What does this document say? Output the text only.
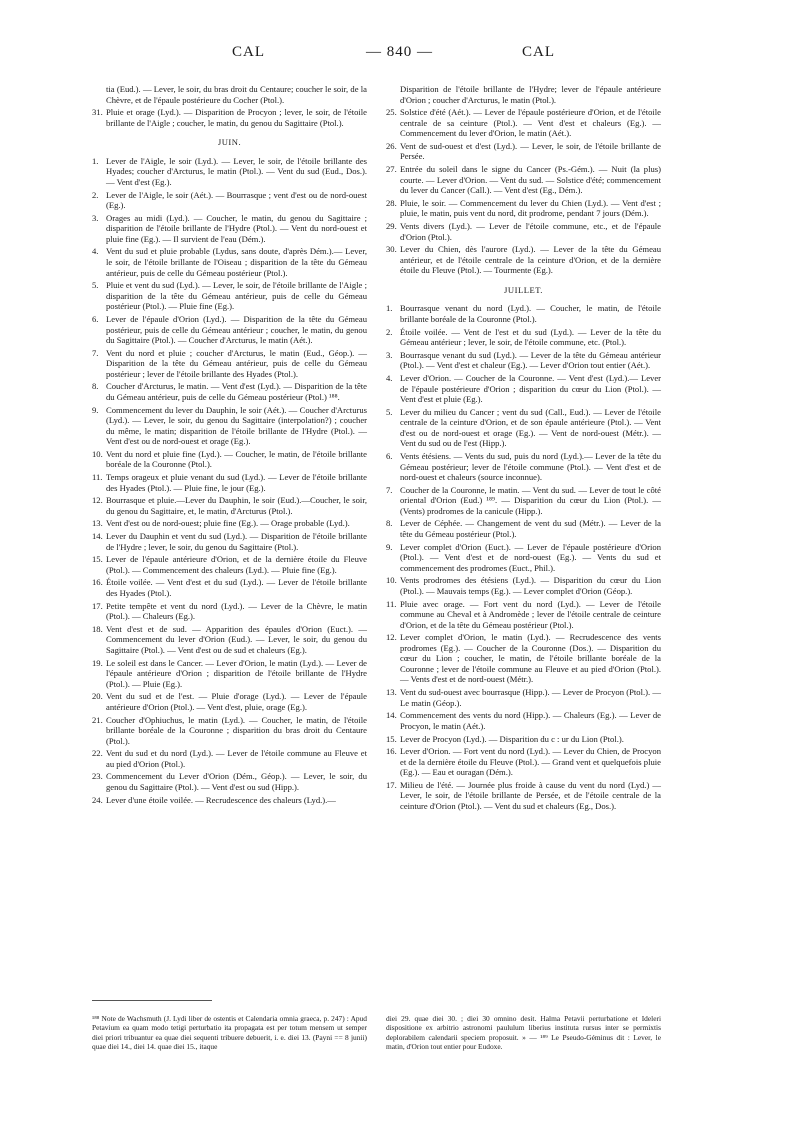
CAL	— 840 —	CAL

tia (Eud.). — Lever, le soir, du bras droit du Centaure; coucher le soir, de la Chèvre, et de l'épaule postérieure du Cocher (Ptol.).

31. Pluie et orage (Lyd.). — Disparition de Procyon ; lever, le soir, de l'étoile brillante de l'Aigle ; coucher, le matin, du genou du Sagittaire (Ptol.).

JUIN.

1. Lever de l'Aigle, le soir (Lyd.). — Lever, le soir, de l'étoile brillante des Hyades; coucher d'Arcturus, le matin (Ptol.). — Vent du sud (Eud., Dos.). — Vent d'est (Eg.).

2. Lever de l'Aigle, le soir (Aét.). — Bourrasque ; vent d'est ou de nord-ouest (Eg.).

3. Orages au midi (Lyd.). — Coucher, le matin, du genou du Sagittaire ; disparition de l'étoile brillante de l'Hydre (Ptol.). — Vent du nord-ouest et pluie fine (Eg.). — Il survient de l'eau (Dém.).

4. Vent du sud et pluie probable (Lydus, sans doute, d'après Dém.).— Lever, le soir, de l'étoile brillante de l'Oiseau ; disparition de la tête du Gémeau antérieur, puis de celle du Gémeau postérieur (Ptol.).

5. Pluie et vent du sud (Lyd.). — Lever, le soir, de l'étoile brillante de l'Aigle ; disparition de la tête du Gémeau antérieur, puis de celle du Gémeau postérieur (Ptol.). — Pluie fine (Eg.).

6. Lever de l'épaule d'Orion (Lyd.). — Disparition de la tête du Gémeau postérieur, puis de celle du Gémeau antérieur ; coucher, le matin, du genou du Sagittaire (Ptol.). — Coucher d'Arcturus, le matin (Aét.).

7. Vent du nord et pluie ; coucher d'Arcturus, le matin (Eud., Géop.). — Disparition de la tête du Gémeau antérieur, puis de celle du Gémeau postérieur ; lever de l'étoile brillante des Hyades (Ptol.).

8. Coucher d'Arcturus, le matin. — Vent d'est (Lyd.). — Disparition de la tête du Gémeau antérieur, puis de celle du Gémeau postérieur (Ptol.) ¹⁸⁸.

9. Commencement du lever du Dauphin, le soir (Aét.). — Coucher d'Arcturus (Lyd.). — Lever, le soir, du genou du Sagittaire (interpolation?) ; coucher du même, le matin; disparition de l'étoile brillante de l'Hydre (Ptol.). — Vent d'est ou de nord-ouest et orage (Eg.).

10. Vent du nord et pluie fine (Lyd.). — Coucher, le matin, de l'étoile brillante boréale de la Couronne (Ptol.).

11. Temps orageux et pluie venant du sud (Lyd.). — Lever de l'étoile brillante des Hyades (Ptol.). — Pluie fine, le jour (Eg.).

12. Bourrasque et pluie.—Lever du Dauphin, le soir (Eud.).—Coucher, le soir, du genou du Sagittaire, et, le matin, d'Arcturus (Ptol.).

13. Vent d'est ou de nord-ouest; pluie fine (Eg.). — Orage probable (Lyd.).

14. Lever du Dauphin et vent du sud (Lyd.). — Disparition de l'étoile brillante de l'Hydre ; lever, le soir, du genou du Sagittaire (Ptol.).

15. Lever de l'épaule antérieure d'Orion, et de la dernière étoile du Fleuve (Ptol.). — Commencement des chaleurs (Lyd.). — Pluie fine (Eg.).

16. Étoile voilée. — Vent d'est et du sud (Lyd.). — Lever de l'étoile brillante des Hyades (Ptol.).

17. Petite tempête et vent du nord (Lyd.). — Lever de la Chèvre, le matin (Ptol.). — Chaleurs (Eg.).

18. Vent d'est et de sud. — Apparition des épaules d'Orion (Euct.). — Commencement du lever d'Orion (Eud.). — Lever, le soir, du genou du Sagittaire (Ptol.). — Vent d'est ou de sud et chaleurs (Eg.).

19. Le soleil est dans le Cancer. — Lever d'Orion, le matin (Lyd.). — Lever de l'épaule antérieure d'Orion ; disparition de l'étoile brillante de l'Hydre (Ptol.). — Pluie (Eg.).

20. Vent du sud et de l'est. — Pluie d'orage (Lyd.). — Lever de l'épaule antérieure d'Orion (Ptol.). — Vent d'est, pluie, orage (Eg.).

21. Coucher d'Ophiuchus, le matin (Lyd.). — Coucher, le matin, de l'étoile brillante boréale de la Couronne ; disparition du bras droit du Centaure (Ptol.).

22. Vent du sud et du nord (Lyd.). — Lever de l'étoile commune au Fleuve et au pied d'Orion (Ptol.).

23. Commencement du Lever d'Orion (Dém., Géop.). — Lever, le soir, du genou du Sagittaire (Ptol.). — Vent d'est ou sud (Hipp.).

24. Lever d'une étoile voilée. — Recrudescence des chaleurs (Lyd.).—

Disparition de l'étoile brillante de l'Hydre; lever de l'épaule antérieure d'Orion ; coucher d'Arcturus, le matin (Ptol.).

25. Solstice d'été (Aét.). — Lever de l'épaule postérieure d'Orion, et de l'étoile centrale de sa ceinture (Ptol.). — Vent d'est et chaleurs (Eg.). — Commencement du lever d'Orion, le matin (Aét.).

26. Vent de sud-ouest et d'est (Lyd.). — Lever, le soir, de l'étoile brillante de Persée.

27. Entrée du soleil dans le signe du Cancer (Ps.-Gém.). — Nuit (la plus) courte. — Lever d'Orion. — Vent du sud. — Solstice d'été; commencement du lever du Cancer (Call.). — Vent d'est (Eg., Dém.).

28. Pluie, le soir. — Commencement du lever du Chien (Lyd.). — Vent d'est ; pluie, le matin, puis vent du nord, dit prodrome, pendant 7 jours (Dém.).

29. Vents divers (Lyd.). — Lever de l'étoile commune, etc., et de l'épaule d'Orion (Ptol.).

30. Lever du Chien, dès l'aurore (Lyd.). — Lever de la tête du Gémeau antérieur, et de l'étoile centrale de la ceinture d'Orion, et de la dernière étoile du Fleuve (Ptol.). — Tourmente (Eg.).

JUILLET.

1. Bourrasque venant du nord (Lyd.). — Coucher, le matin, de l'étoile brillante boréale de la Couronne (Ptol.).

2. Étoile voilée. — Vent de l'est et du sud (Lyd.). — Lever de la tête du Gémeau antérieur ; lever, le soir, de l'étoile commune, etc. (Ptol.).

3. Bourrasque venant du sud (Lyd.). — Lever de la tête du Gémeau antérieur (Ptol.). — Vent d'est et chaleur (Eg.). — Lever d'Orion tout entier (Aét.).

4. Lever d'Orion. — Coucher de la Couronne. — Vent d'est (Lyd.).— Lever de l'épaule postérieure d'Orion ; disparition du cœur du Lion (Ptol.). — Vent d'est et pluie (Eg.).

5. Lever du milieu du Cancer ; vent du sud (Call., Eud.). — Lever de l'étoile centrale de la ceinture d'Orion, et de son épaule antérieure (Ptol.). — Vent d'est ou de nord-ouest et orage (Eg.). — Vent de nord-ouest (Métr.). — Vent du sud ou de l'est (Hipp.).

6. Vents étésiens. — Vents du sud, puis du nord (Lyd.).— Lever de la tête du Gémeau postérieur; lever de l'étoile commune (Ptol.). — Vent d'est et de nord-ouest et chaleurs (source inconnue).

7. Coucher de la Couronne, le matin. — Vent du sud. — Lever de tout le côté oriental d'Orion (Eud.) ¹⁸⁹. — Disparition du cœur du Lion (Ptol.). — (Vents) prodromes de la canicule (Hipp.).

8. Lever de Céphée. — Changement de vent du sud (Métr.). — Lever de la tête du Gémeau postérieur (Ptol.).

9. Lever complet d'Orion (Euct.). — Lever de l'épaule postérieure d'Orion (Ptol.). — Vent d'est et de nord-ouest (Eg.). — Vents du sud et commencement des prodromes (Euct., Phil.).

10. Vents prodromes des étésiens (Lyd.). — Disparition du cœur du Lion (Ptol.). — Mauvais temps (Eg.). — Lever complet d'Orion (Géop.).

11. Pluie avec orage. — Fort vent du nord (Lyd.). — Lever de l'étoile commune au Cheval et à Andromède ; lever de l'étoile centrale de ceinture d'Orion, et de la tête du Gémeau postérieur (Ptol.).

12. Lever complet d'Orion, le matin (Lyd.). — Recrudescence des vents prodromes (Eg.). — Coucher de la Couronne (Dos.). — Disparition du cœur du Lion ; coucher, le matin, de l'étoile brillante boréale de la Couronne ; lever de l'étoile commune au Fleuve et au pied d'Orion (Ptol.). — Vents d'est et de nord-ouest (Métr.).

13. Vent du sud-ouest avec bourrasque (Hipp.). — Lever de Procyon (Ptol.). — Le matin (Géop.).

14. Commencement des vents du nord (Hipp.). — Chaleurs (Eg.). — Lever de Procyon, le matin (Aét.).

15. Lever de Procyon (Lyd.). — Disparition du c : ur du Lion (Ptol.).

16. Lever d'Orion. — Fort vent du nord (Lyd.). — Lever du Chien, de Procyon et de la dernière étoile du Fleuve (Ptol.). — Grand vent et quelquefois pluie (Eg.). — Eau et ouragan (Dém.).

17. Milieu de l'été. — Journée plus froide à cause du vent du nord (Lyd.) — Lever, le soir, de l'étoile brillante de Persée, et de l'étoile centrale de la ceinture d'Orion (Ptol.). — Vent du sud et chaleurs (Eg., Dos.).

¹⁸⁸ Note de Wachsmuth (J. Lydi liber de ostentis et Calendaria omnia graeca, p. 247) : Apud Petavium ea quam modo tetigi perturbatio ita propagata est per totum mensem ut semper diei priori tribuantur ea quae diei sequenti tribuere debuerit, i. e. diei 13. (Payni == 8 junii) quae diei 14., diei 14. quae diei 15., itaque
diei 29. quae diei 30. ; diei 30 omnino desit. Halma Petavii perturbatione et Ideleri dispositione ex arbitrio astronomi paululum liberius instituta rursus inter se permixtis deplorabilem calendarii speciem proposuit. » — ¹⁸⁹ Le Pseudo-Géminus dit : Lever, le matin, d'Orion tout entier pour Eudoxe.
